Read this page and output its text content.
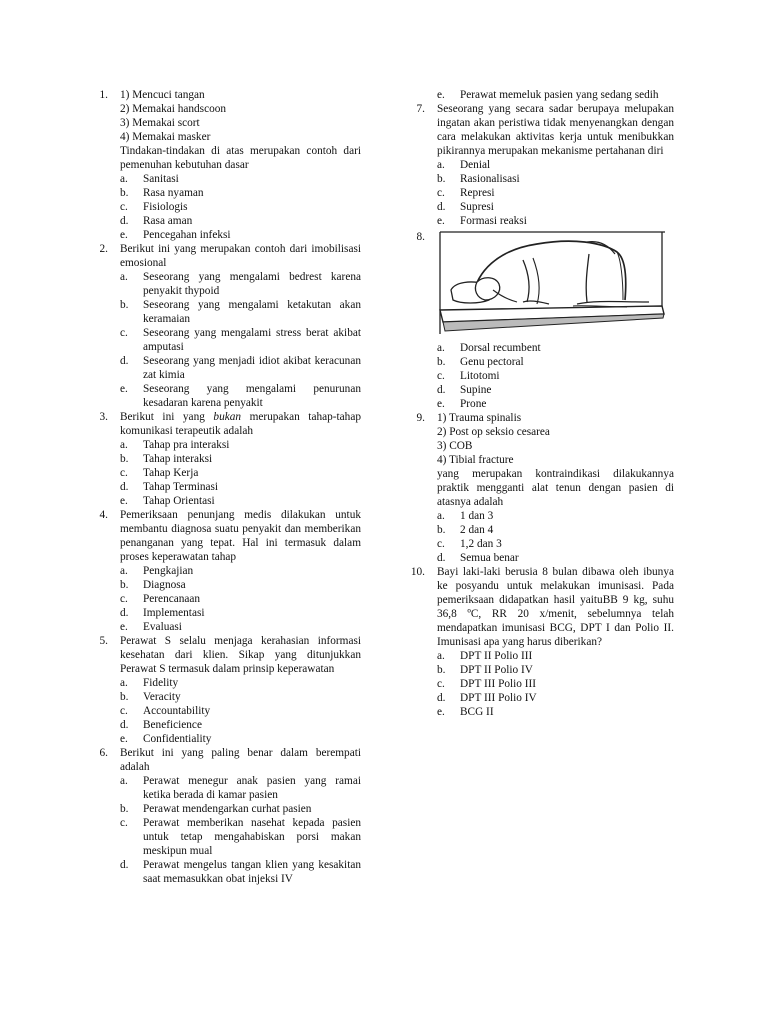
1. 1) Mencuci tangan
2) Memakai handscoon
3) Memakai scort
4) Memakai masker
Tindakan-tindakan di atas merupakan contoh dari pemenuhan kebutuhan dasar
a. Sanitasi
b. Rasa nyaman
c. Fisiologis
d. Rasa aman
e. Pencegahan infeksi
2. Berikut ini yang merupakan contoh dari imobilisasi emosional
a. Seseorang yang mengalami bedrest karena penyakit thypoid
b. Seseorang yang mengalami ketakutan akan keramaian
c. Seseorang yang mengalami stress berat akibat amputasi
d. Seseorang yang menjadi idiot akibat keracunan zat kimia
e. Seseorang yang mengalami penurunan kesadaran karena penyakit
3. Berikut ini yang bukan merupakan tahap-tahap komunikasi terapeutik adalah
a. Tahap pra interaksi
b. Tahap interaksi
c. Tahap Kerja
d. Tahap Terminasi
e. Tahap Orientasi
4. Pemeriksaan penunjang medis dilakukan untuk membantu diagnosa suatu penyakit dan memberikan penanganan yang tepat. Hal ini termasuk dalam proses keperawatan tahap
a. Pengkajian
b. Diagnosa
c. Perencanaan
d. Implementasi
e. Evaluasi
5. Perawat S selalu menjaga kerahasian informasi kesehatan dari klien. Sikap yang ditunjukkan Perawat S termasuk dalam prinsip keperawatan
a. Fidelity
b. Veracity
c. Accountability
d. Beneficience
e. Confidentiality
6. Berikut ini yang paling benar dalam berempati adalah
a. Perawat menegur anak pasien yang ramai ketika berada di kamar pasien
b. Perawat mendengarkan curhat pasien
c. Perawat memberikan nasehat kepada pasien untuk tetap mengahabiskan porsi makan meskipun mual
d. Perawat mengelus tangan klien yang kesakitan saat memasukkan obat injeksi IV
e. Perawat memeluk pasien yang sedang sedih
7. Seseorang yang secara sadar berupaya melupakan ingatan akan peristiwa tidak menyenangkan dengan cara melakukan aktivitas kerja untuk menibukkan pikirannya merupakan mekanisme pertahanan diri
a. Denial
b. Rasionalisasi
c. Represi
d. Supresi
e. Formasi reaksi
8.
a. Dorsal recumbent
b. Genu pectoral
c. Litotomi
d. Supine
e. Prone
9. 1) Trauma spinalis
2) Post op seksio cesarea
3) COB
4) Tibial fracture
yang merupakan kontraindikasi dilakukannya praktik mengganti alat tenun dengan pasien di atasnya adalah
a. 1 dan 3
b. 2 dan 4
c. 1,2 dan 3
d. Semua benar
10. Bayi laki-laki berusia 8 bulan dibawa oleh ibunya ke posyandu untuk melakukan imunisasi. Pada pemeriksaan didapatkan hasil yaituBB 9 kg, suhu 36,8 ºC, RR 20 x/menit, sebelumnya telah mendapatkan imunisasi BCG, DPT I dan Polio II. Imunisasi apa yang harus diberikan?
a. DPT II Polio III
b. DPT II Polio IV
c. DPT III Polio III
d. DPT III Polio IV
e. BCG II
